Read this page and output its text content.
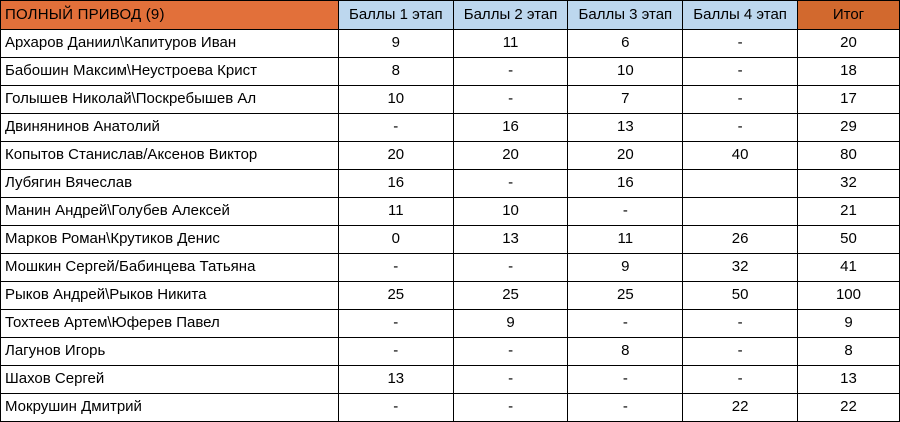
ПОЛНЫЙ ПРИВОД (9)	Баллы 1 этап	Баллы 2 этап	Баллы 3 этап	Баллы 4 этап	Итог
Архаров Даниил\Капитуров Иван	9	11	6	-	20
Бабошин Максим\Неустроева Крист	8	-	10	-	18
Голышев Николай\Поскребышев Ал	10	-	7	-	17
Двинянинов Анатолий	-	16	13	-	29
Копытов Станислав/Аксенов Виктор	20	20	20	40	80
Лубягин Вячеслав	16	-	16		32
Манин Андрей\Голубев Алексей	11	10	-		21
Марков Роман\Крутиков Денис	0	13	11	26	50
Мошкин Сергей/Бабинцева Татьяна	-	-	9	32	41
Рыков Андрей\Рыков Никита	25	25	25	50	100
Тохтеев Артем\Юферев Павел	-	9	-	-	9
Лагунов Игорь	-	-	8	-	8
Шахов Сергей	13	-	-	-	13
Мокрушин Дмитрий	-	-	-	22	22
